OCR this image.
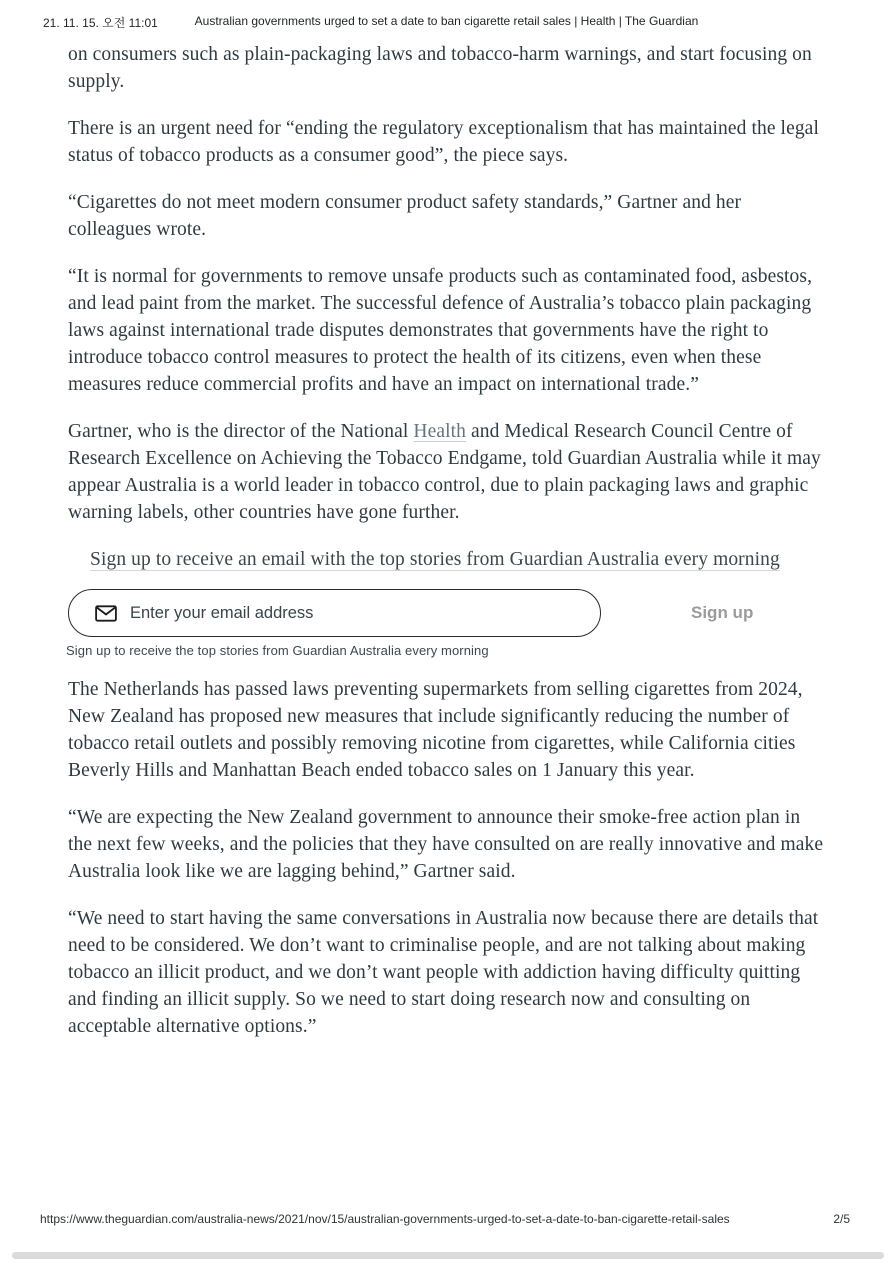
21. 11. 15. 오전 11:01	Australian governments urged to set a date to ban cigarette retail sales | Health | The Guardian

on consumers such as plain-packaging laws and tobacco-harm warnings, and start focusing on supply.

There is an urgent need for “ending the regulatory exceptionalism that has maintained the legal status of tobacco products as a consumer good”, the piece says.

“Cigarettes do not meet modern consumer product safety standards,” Gartner and her colleagues wrote.

“It is normal for governments to remove unsafe products such as contaminated food, asbestos, and lead paint from the market. The successful defence of Australia’s tobacco plain packaging laws against international trade disputes demonstrates that governments have the right to introduce tobacco control measures to protect the health of its citizens, even when these measures reduce commercial profits and have an impact on international trade.”

Gartner, who is the director of the National Health and Medical Research Council Centre of Research Excellence on Achieving the Tobacco Endgame, told Guardian Australia while it may appear Australia is a world leader in tobacco control, due to plain packaging laws and graphic warning labels, other countries have gone further.

Sign up to receive an email with the top stories from Guardian Australia every morning
Enter your email address
Sign up
Sign up to receive the top stories from Guardian Australia every morning

The Netherlands has passed laws preventing supermarkets from selling cigarettes from 2024, New Zealand has proposed new measures that include significantly reducing the number of tobacco retail outlets and possibly removing nicotine from cigarettes, while California cities Beverly Hills and Manhattan Beach ended tobacco sales on 1 January this year.

“We are expecting the New Zealand government to announce their smoke-free action plan in the next few weeks, and the policies that they have consulted on are really innovative and make Australia look like we are lagging behind,” Gartner said.

“We need to start having the same conversations in Australia now because there are details that need to be considered. We don’t want to criminalise people, and are not talking about making tobacco an illicit product, and we don’t want people with addiction having difficulty quitting and finding an illicit supply. So we need to start doing research now and consulting on acceptable alternative options.”

https://www.theguardian.com/australia-news/2021/nov/15/australian-governments-urged-to-set-a-date-to-ban-cigarette-retail-sales	2/5
